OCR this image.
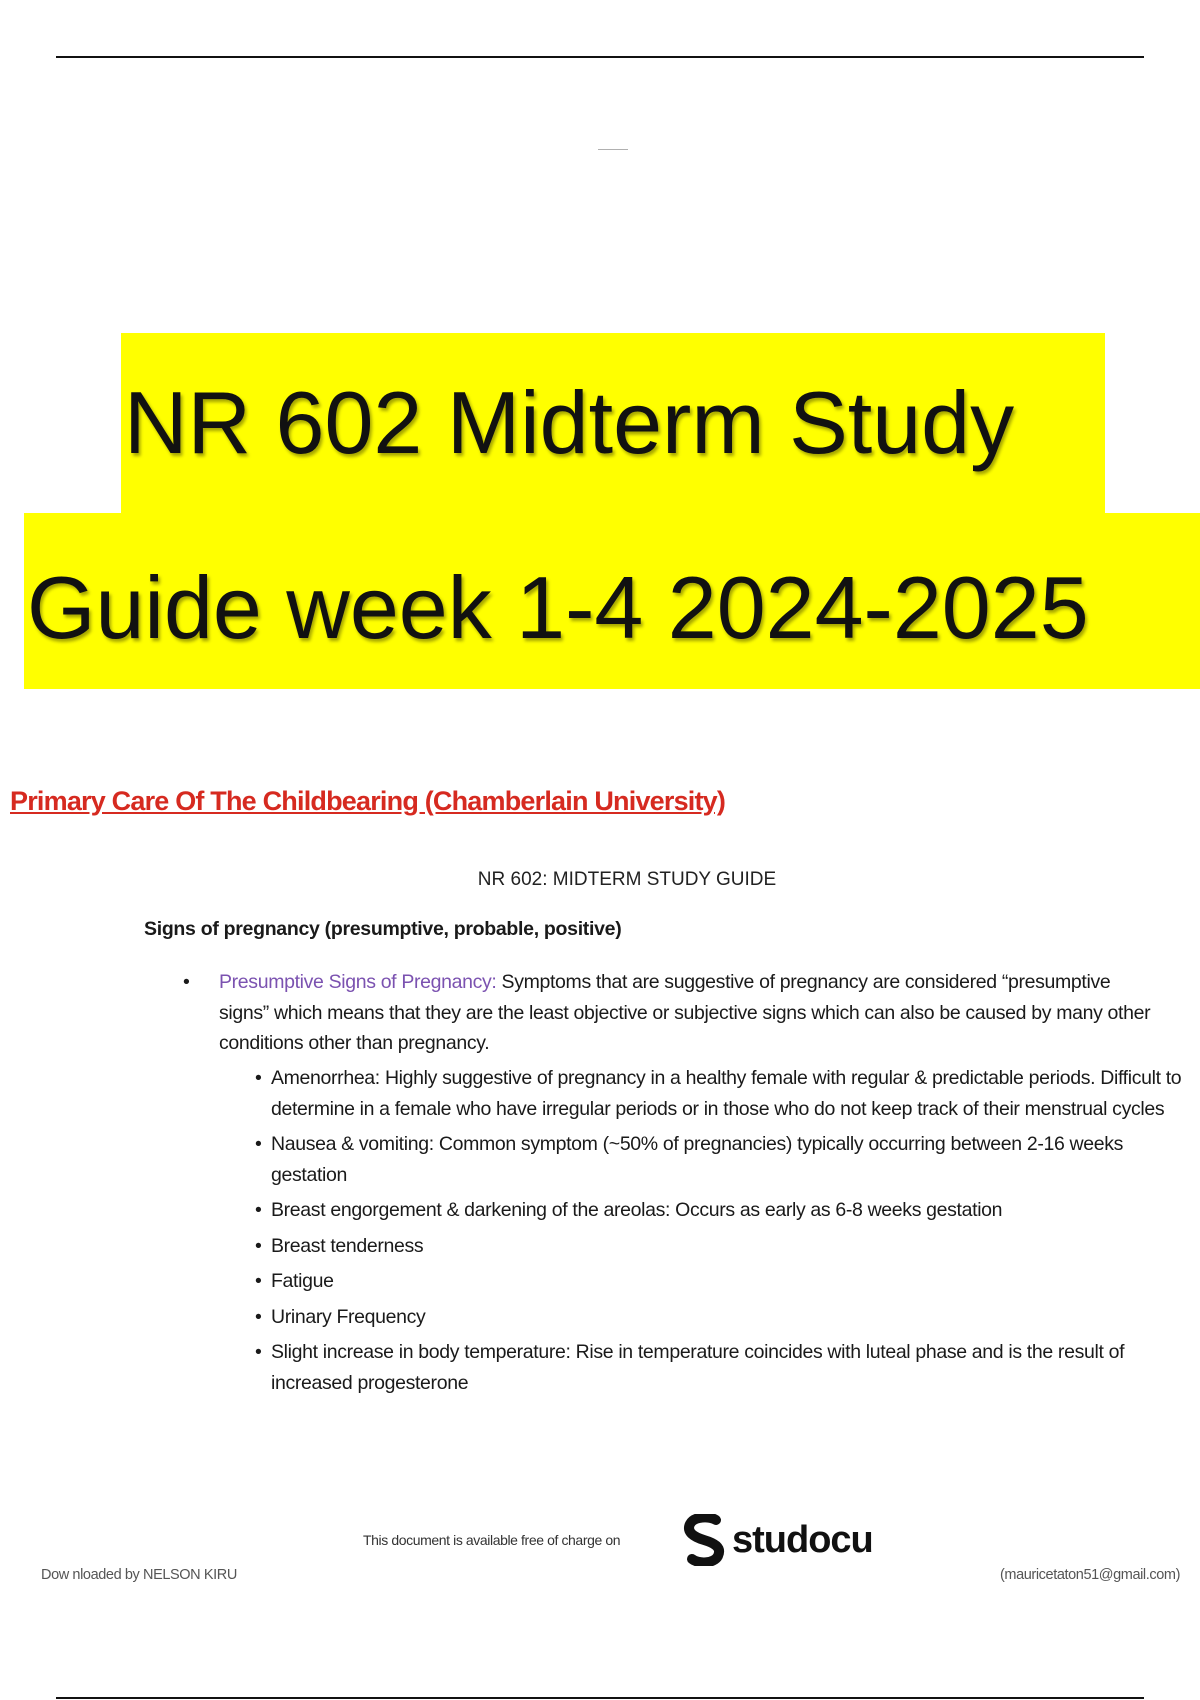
NR 602 Midterm Study
Guide week 1-4 2024-2025
Primary Care Of The Childbearing (Chamberlain University)
NR 602: MIDTERM STUDY GUIDE
Signs of pregnancy (presumptive, probable, positive)
• Presumptive Signs of Pregnancy: Symptoms that are suggestive of pregnancy are considered “presumptive signs” which means that they are the least objective or subjective signs which can also be caused by many other conditions other than pregnancy.
• Amenorrhea: Highly suggestive of pregnancy in a healthy female with regular & predictable periods. Difficult to determine in a female who have irregular periods or in those who do not keep track of their menstrual cycles
• Nausea & vomiting: Common symptom (~50% of pregnancies) typically occurring between 2-16 weeks gestation
• Breast engorgement & darkening of the areolas: Occurs as early as 6-8 weeks gestation
• Breast tenderness
• Fatigue
• Urinary Frequency
• Slight increase in body temperature: Rise in temperature coincides with luteal phase and is the result of increased progesterone
This document is available free of charge on	studocu
Dow nloaded by NELSON KIRU	(mauricetaton51@gmail.com)
